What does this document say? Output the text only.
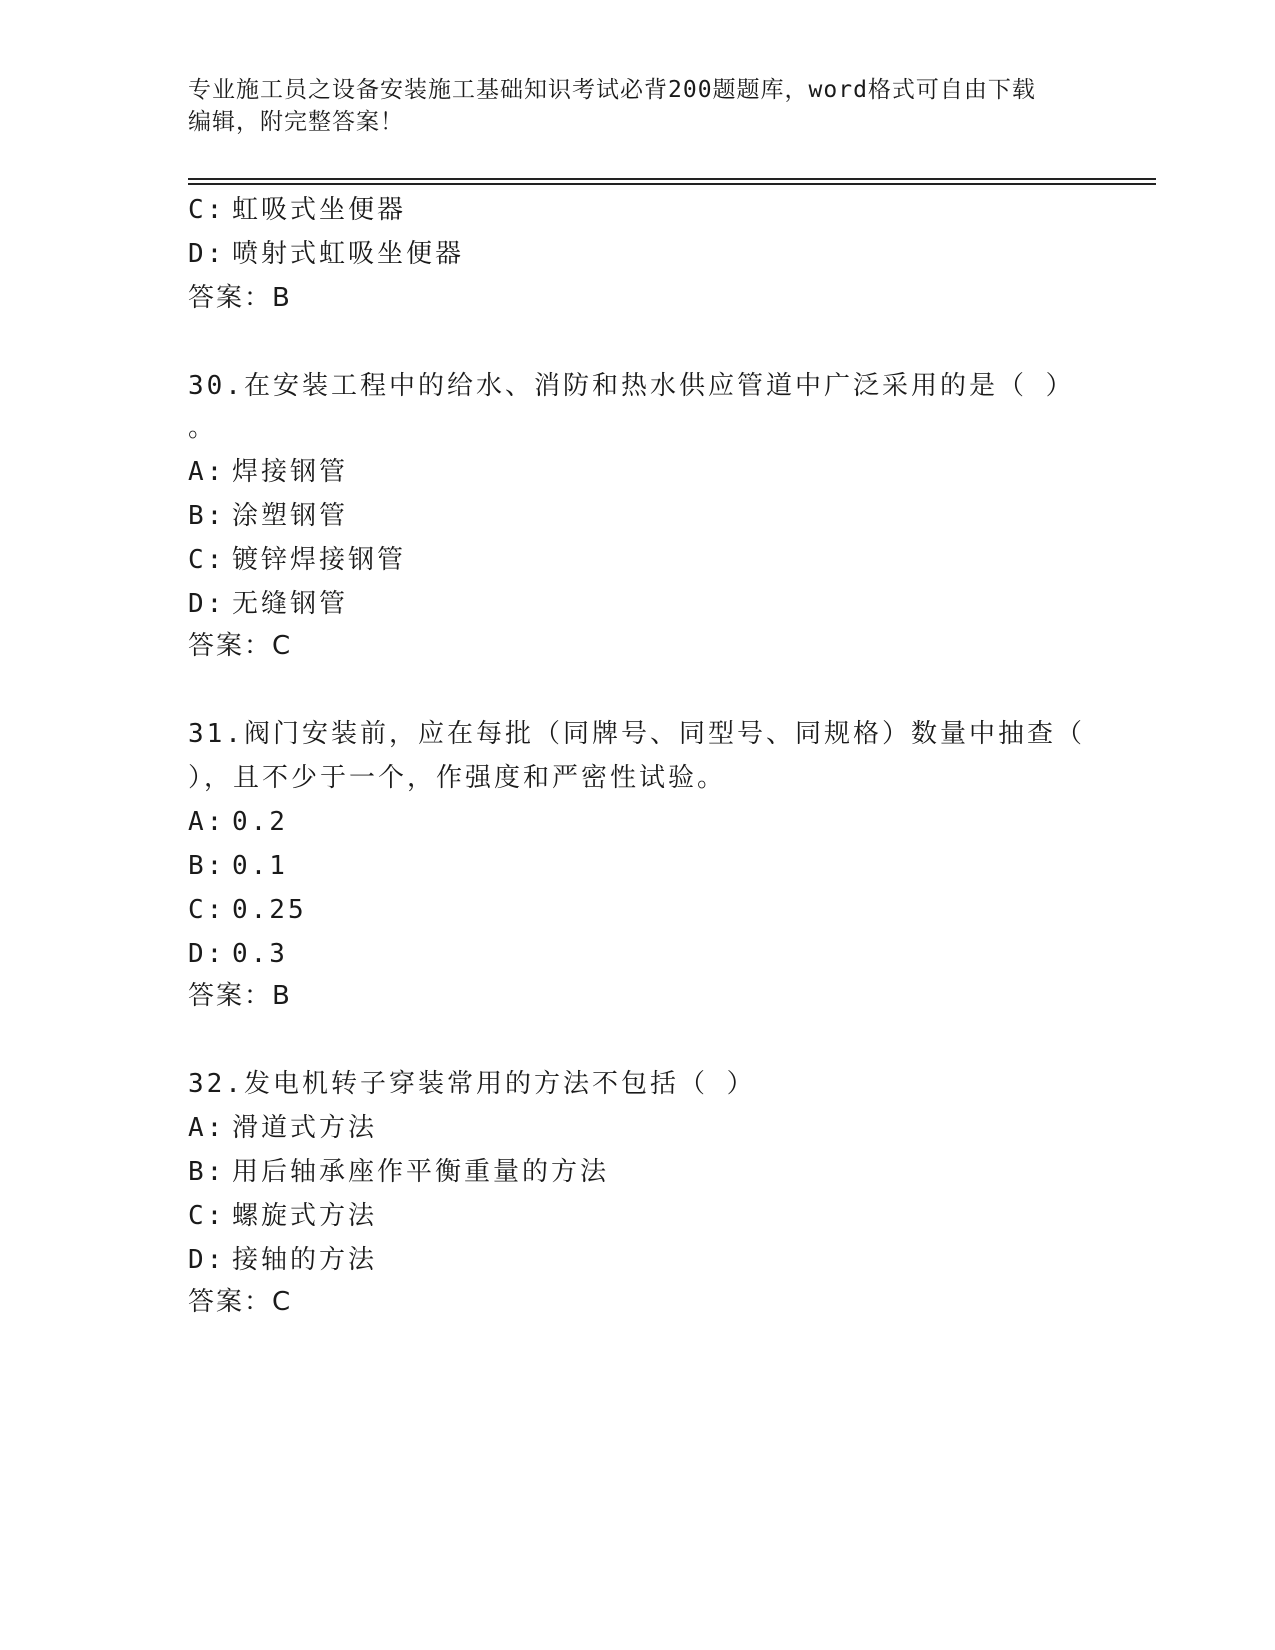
专业施工员之设备安装施工基础知识考试必背200题题库，word格式可自由下载
编辑，附完整答案！
C: 虹吸式坐便器
D: 喷射式虹吸坐便器
答案：B
30.在安装工程中的给水、消防和热水供应管道中广泛采用的是（ ）
。
A: 焊接钢管
B: 涂塑钢管
C: 镀锌焊接钢管
D: 无缝钢管
答案：C
31.阀门安装前，应在每批（同牌号、同型号、同规格）数量中抽查（
），且不少于一个，作强度和严密性试验。
A: 0.2
B: 0.1
C: 0.25
D: 0.3
答案：B
32.发电机转子穿装常用的方法不包括（ ）
A: 滑道式方法
B: 用后轴承座作平衡重量的方法
C: 螺旋式方法
D: 接轴的方法
答案：C
